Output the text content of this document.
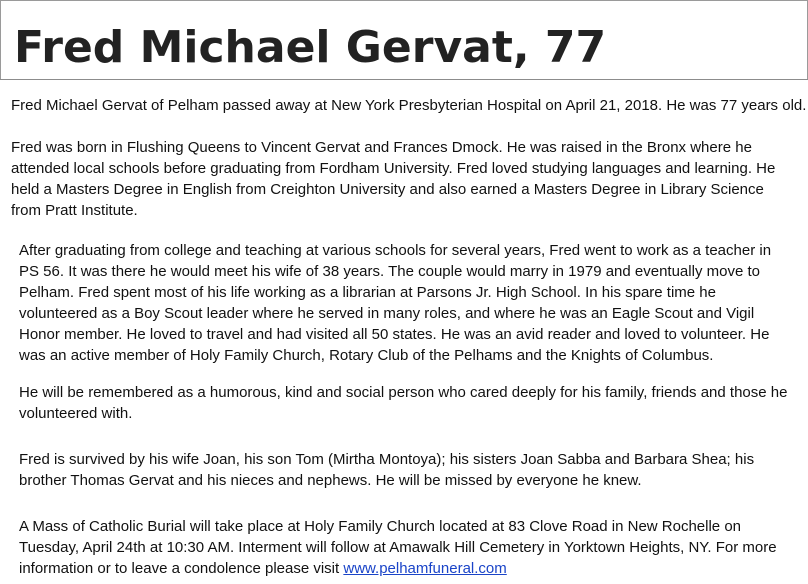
Fred Michael Gervat, 77

Fred Michael Gervat of Pelham passed away at New York Presbyterian Hospital on April 21, 2018. He was 77 years old.

Fred was born in Flushing Queens to Vincent Gervat and Frances Dmock. He was raised in the Bronx where he attended local schools before graduating from Fordham University. Fred loved studying languages and learning. He held a Masters Degree in English from Creighton University and also earned a Masters Degree in Library Science from Pratt Institute.

After graduating from college and teaching at various schools for several years, Fred went to work as a teacher in PS 56. It was there he would meet his wife of 38 years. The couple would marry in 1979 and eventually move to Pelham. Fred spent most of his life working as a librarian at Parsons Jr. High School. In his spare time he volunteered as a Boy Scout leader where he served in many roles, and where he was an Eagle Scout and Vigil Honor member. He loved to travel and had visited all 50 states. He was an avid reader and loved to volunteer. He was an active member of Holy Family Church, Rotary Club of the Pelhams and the Knights of Columbus.

He will be remembered as a humorous, kind and social person who cared deeply for his family, friends and those he volunteered with.

Fred is survived by his wife Joan, his son Tom (Mirtha Montoya); his sisters Joan Sabba and Barbara Shea; his brother Thomas Gervat and his nieces and nephews. He will be missed by everyone he knew.

A Mass of Catholic Burial will take place at Holy Family Church located at 83 Clove Road in New Rochelle on Tuesday, April 24th at 10:30 AM. Interment will follow at Amawalk Hill Cemetery in Yorktown Heights, NY. For more information or to leave a condolence please visit www.pelhamfuneral.com
